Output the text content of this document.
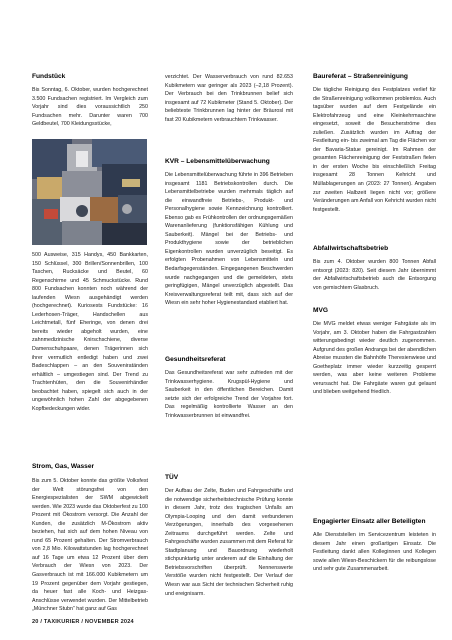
Fundstück

Bis Sonntag, 6. Oktober, wurden hochgerechnet 3.500 Fundsachen registriert. Im Vergleich zum Vorjahr sind dies voraussichtlich 250 Fundsachen mehr. Darunter waren 700 Geldbeutel, 700 Kleidungsstücke,

500 Ausweise, 315 Handys, 450 Bankkarten, 150 Schlüssel, 300 Brillen/Sonnenbrillen, 100 Taschen, Rucksäcke und Beutel, 60 Regenschirme und 45 Schmuckstücke. Rund 800 Fundsachen konnten noch während der laufenden Wiesn ausgehändigt werden (hochgerechnet). Kuriosests Fundstücke: 16 Lederhosen-Träger, Handschellen aus Leichtmetall, fünf Eheringe, von denen drei bereits wieder abgeholt wurden, eine zahnmedizinische Knirschschiene, diverse Damenschuhpaare, denen Trägerinnen sich ihrer vermutlich entledigt haben und zwei Badeschlappen – an den Souveniratänden erhältlich – umgestiegen sind. Der Trend zu Trachtenhüten, den die Souvenirhändler beobachtet haben, spiegelt sich auch in der ungewöhnlich hohen Zahl der abgegebenen Kopfbedeckungen wider.

Strom, Gas, Wasser

Bis zum 5. Oktober konnte das größte Volksfest der Welt störungsfrei von den Energiespezialisten der SWM abgewickelt werden. Wie 2023 wurde das Oktoberfest zu 100 Prozent mit Ökostrom versorgt. Die Anzahl der Kunden, die zusätzlich M-Ökostrom aktiv beziehen, hat sich auf dem hohen Niveau von rund 65 Prozent gehalten. Der Stromverbrauch von 2,8 Mio. Kilowattstunden lag hochgerechnet auf 16 Tage um etwa 12 Prozent über dem Verbrauch der Wiesn von 2023. Der Gasverbrauch ist mit 166.000 Kubikmetern um 19 Prozent gegenüber dem Vorjahr gestiegen, da heuer fast alle Koch- und Heizgas-Anschlüsse verwendet wurden. Der Mittelbetrieb „Münchner Stubn“ hat ganz auf Gas

verzichtet. Der Wasserverbrauch von rund 82.653 Kubikmetern war geringer als 2023 (–2,18 Prozent). Der Verbrauch bei den Trinkbrunnen belief sich insgesamt auf 72 Kubikmeter (Stand 5. Oktober). Der beliebteste Trinkbrunnen lag hinter der Bräurosl mit fast 20 Kubikmetern verbrauchtem Trinkwasser.

KVR – Lebensmittelüberwachung

Die Lebensmittelüberwachung führte in 396 Betrieben insgesamt 1181 Betriebskontrollen durch. Die Lebensmittelbetriebe wurden mehrmals täglich auf die einwandfreie Betriebs-, Produkt- und Personalhygiene sowie Kennzeichnung kontrolliert. Ebenso gab es Frühkontrollen der ordnungsgemäßen Warenanlieferung (funktionsfähigen Kühlung und Sauberkeit). Mängel bei der Betriebs- und Produkthygiene sowie der betrieblichen Eigenkontrollen wurden unverzüglich beseitigt. Es erfolgten Probenahmen von Lebensmitteln und Bedarfsgegenständen. Eingegangenen Beschwerden wurde nachgegangen und die gemeldeten, stets geringfügigen, Mängel unverzüglich abgestellt. Das Kreisverwaltungsreferat teilt mit, dass sich auf der Wiesn ein sehr hoher Hygienestandard etabliert hat.

Gesundheitsreferat

Das Gesundheitsreferat war sehr zufrieden mit der Trinkwasserhygiene. Krugspül-Hygiene und Sauberkeit in den öffentlichen Bereichen. Damit setzte sich der erfolgreiche Trend der Vorjahre fort. Das regelmäßig kontrollierte Wasser an den Trinkwasserbrunnen ist einwandfrei.

TÜV

Der Aufbau der Zelte, Buden und Fahrgeschäfte und die notwendige sicherheitstechnische Prüfung konnte in diesem Jahr, trotz des tragischen Unfalls am Olympia-Looping und den damit verbundenen Verzögerungen, innerhalb des vorgesehenen Zeitraums durchgeführt werden. Zelte und Fahrgeschäfte wurden zusammen mit dem Referat für Stadtplanung und Bauordnung wiederholt stichpunktartig unter anderem auf die Einhaltung der Betriebsvorschriften überprüft. Nennenswerte Verstöße wurden nicht festgestellt. Der Verlauf der Wiesn war aus Sicht der technischen Sicherheit ruhig und ereignisarm.

Baureferat – Straßenreinigung

Die tägliche Reinigung des Festplatzes verlief für die Straßenreinigung vollkommen problemlos. Auch tagsüber wurden auf dem Festgelände ein Elektrofahrzeug und eine Kleinkehrmaschine eingesetzt, soweit die Besucherströme dies zuließen. Zusätzlich wurden im Auftrag der Festleitung ein- bis zweimal am Tag die Flächen vor der Bavaria-Statue gereinigt. Im Rahmen der gesamten Flächenreinigung der Feststraßen fielen in der ersten Woche bis einschließlich Freitag insgesamt 28 Tonnen Kehricht und Müllablagerungen an (2023: 27 Tonnen). Angaben zur zweiten Halbzeit liegen nicht vor; größere Veränderungen am Anfall von Kehricht wurden nicht festgestellt.

Abfallwirtschaftsbetrieb

Bis zum 4. Oktober wurden 800 Tonnen Abfall entsorgt (2023: 820). Seit diesem Jahr übernimmt der Abfallwirtschaftsbetrieb auch die Entsorgung von gemischtem Glasbruch.

MVG

Die MVG meldet etwas weniger Fahrgäste als im Vorjahr, am 3. Oktober haben die Fahrgastzahlen witterungsbedingt wieder deutlich zugenommen. Aufgrund des großen Andrangs bei der abendlichen Abreise mussten die Bahnhöfe Theresienwiese und Goetheplatz immer wieder kurzzeitig gesperrt werden, was aber keine weiteren Probleme verursacht hat. Die Fahrgäste waren gut gelaunt und blieben weitgehend friedlich.

Engagierter Einsatz aller Beteiligten

Alle Dienststellen im Servicezentrum leisteten in diesem Jahr einen großartigen Einsatz. Die Festleitung dankt allen Kolleginnen und Kollegen sowie allen Wiesn-Beschickern für die reibungslose und sehr gute Zusammenarbeit.

20 / TAXIKURIER / NOVEMBER 2024
